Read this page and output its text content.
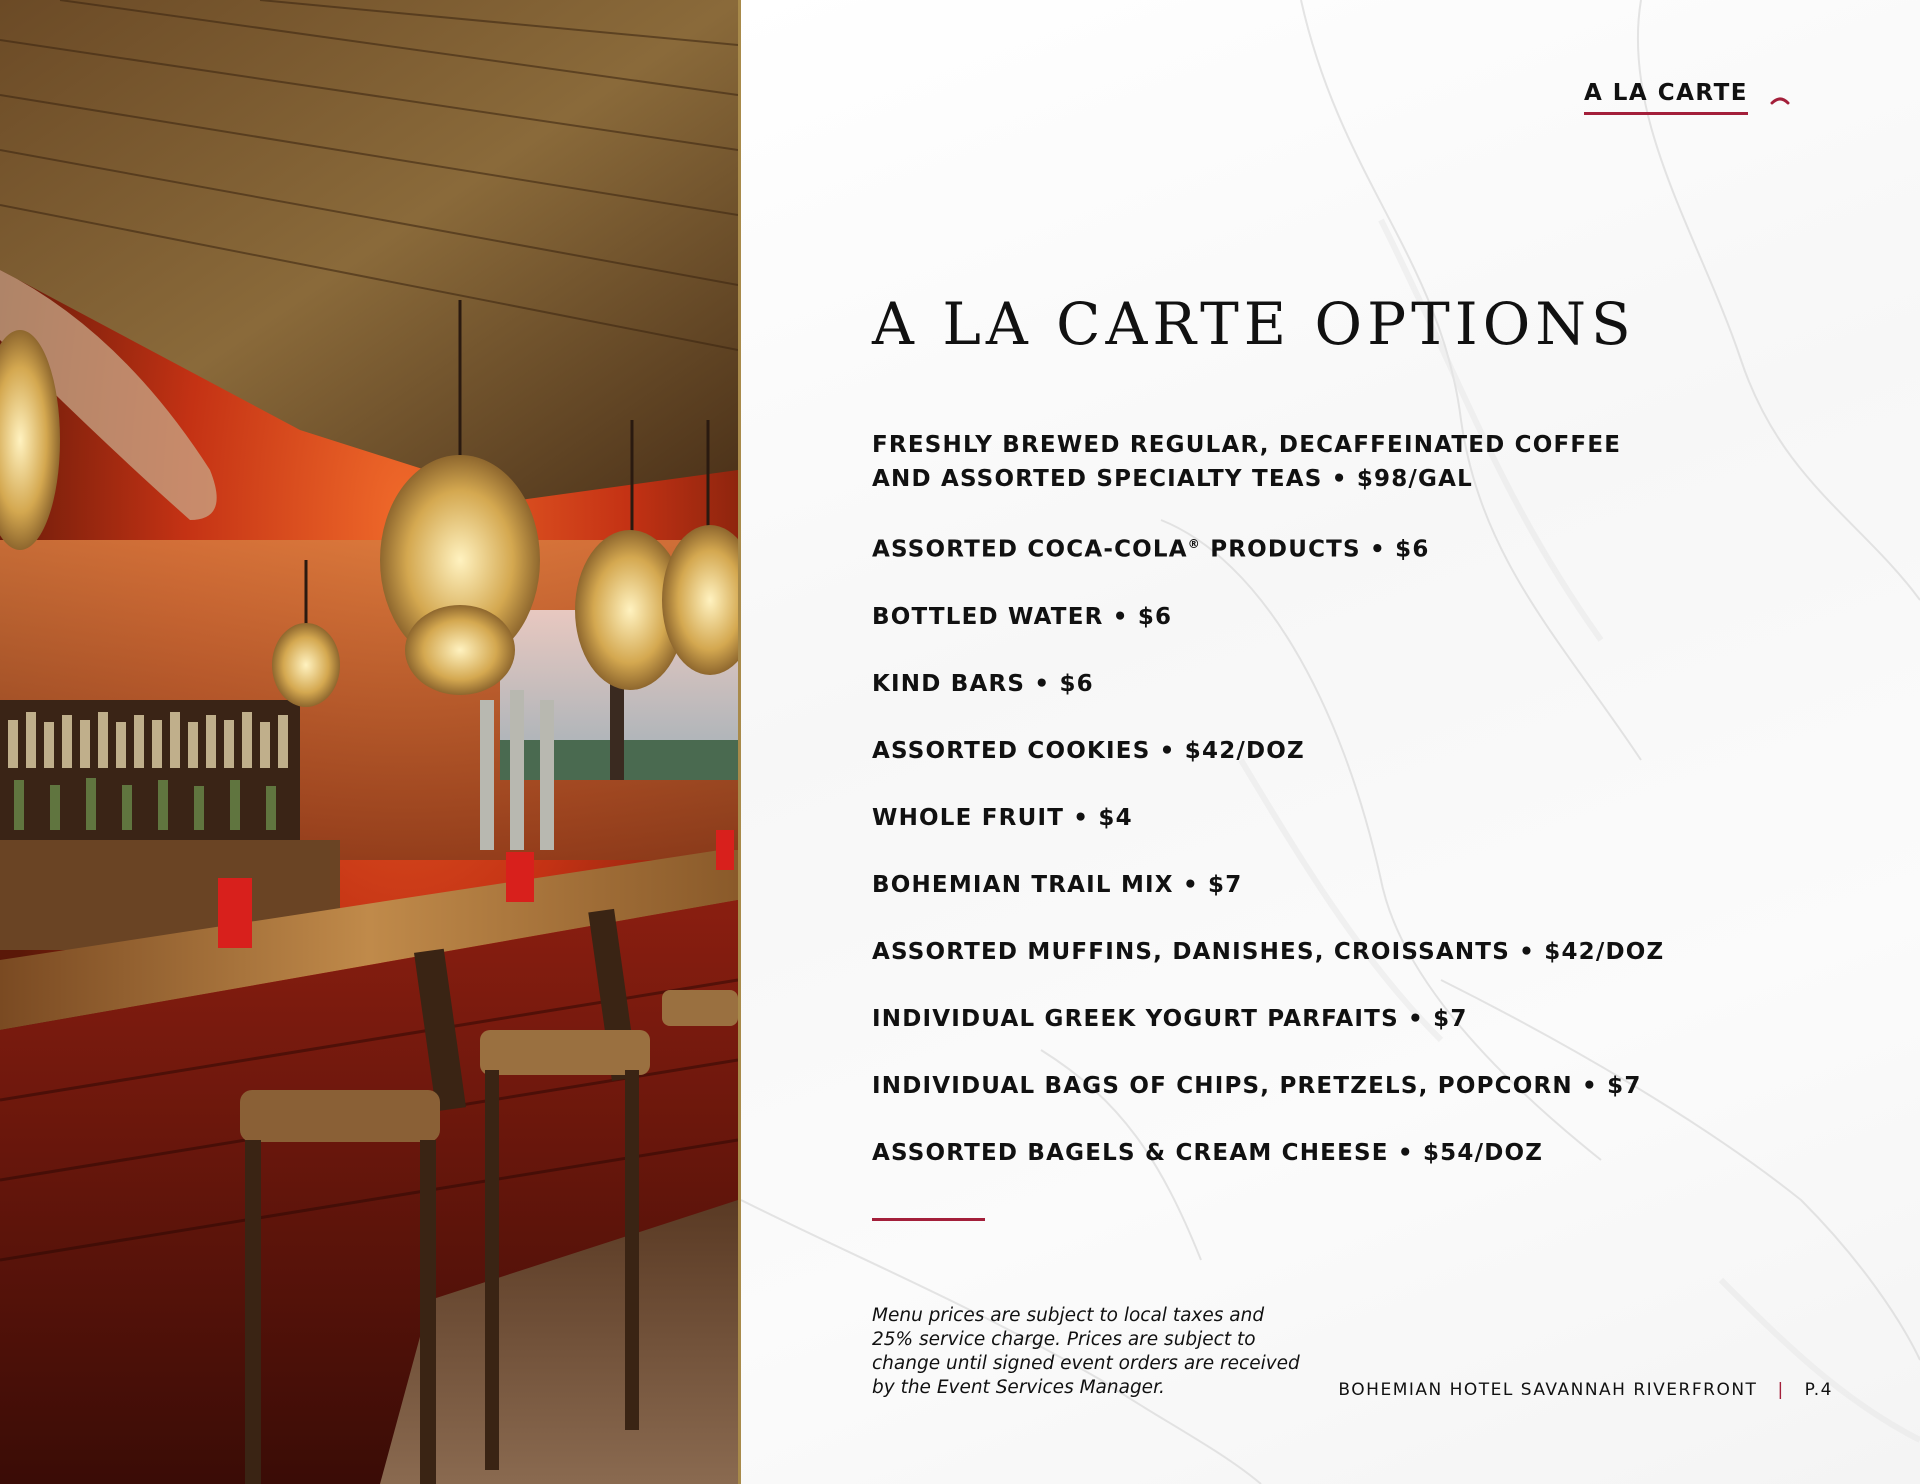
A LA CARTE
A LA CARTE OPTIONS
FRESHLY BREWED REGULAR, DECAFFEINATED COFFEE
AND ASSORTED SPECIALTY TEAS • $98/GAL
ASSORTED COCA-COLA® PRODUCTS • $6
BOTTLED WATER • $6
KIND BARS • $6
ASSORTED COOKIES • $42/DOZ
WHOLE FRUIT • $4
BOHEMIAN TRAIL MIX • $7
ASSORTED MUFFINS, DANISHES, CROISSANTS • $42/DOZ
INDIVIDUAL GREEK YOGURT PARFAITS • $7
INDIVIDUAL BAGS OF CHIPS, PRETZELS, POPCORN • $7
ASSORTED BAGELS & CREAM CHEESE • $54/DOZ

Menu prices are subject to local taxes and 25% service charge. Prices are subject to change until signed event orders are received by the Event Services Manager.	BOHEMIAN HOTEL SAVANNAH RIVERFRONT | P.4
